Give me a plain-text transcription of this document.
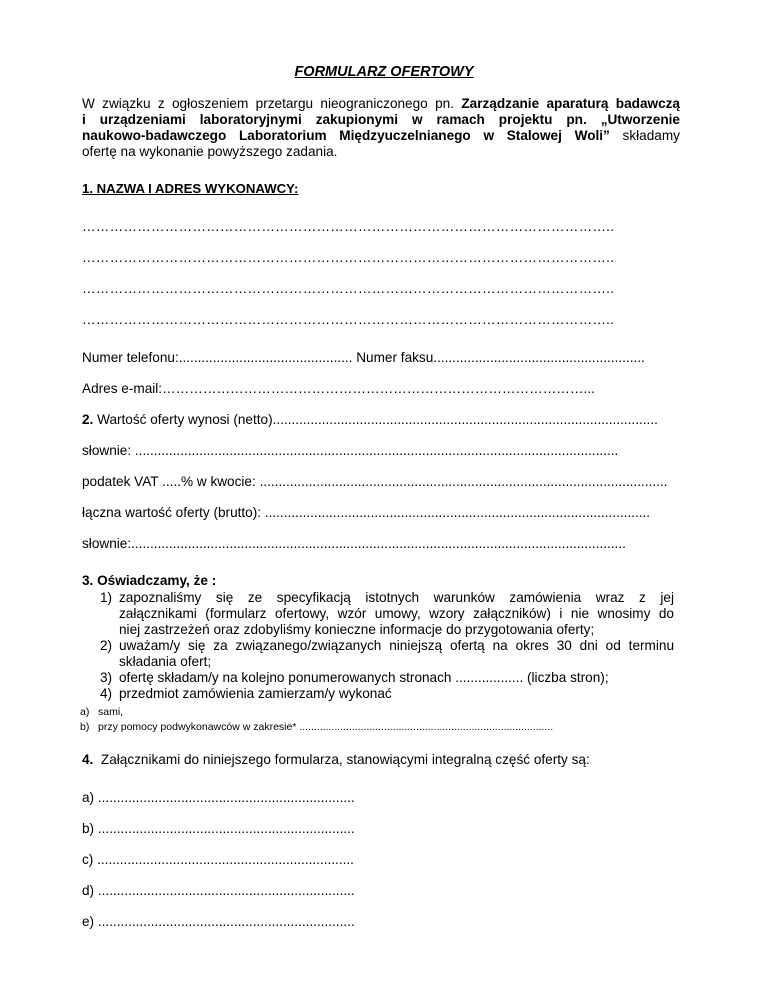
FORMULARZ OFERTOWY
W związku z ogłoszeniem przetargu nieograniczonego pn. Zarządzanie aparaturą badawczą
i urządzeniami laboratoryjnymi zakupionymi w ramach projektu pn. „Utworzenie
naukowo-badawczego Laboratorium Międzyuczelnianego w Stalowej Woli” składamy
ofertę na wykonanie powyższego zadania.
1. NAZWA I ADRES WYKONAWCY:
……………………………………………………………………………………………………..
……………………………………………………………………………………………………..
……………………………………………………………………………………………………..
……………………………………………………………………………………………………..
Numer telefonu:.............................................. Numer faksu........................................................
Adres e-mail:…………………………………………………………………………………...
2. Wartość oferty wynosi (netto)......................................................................................................
słownie: ................................................................................................................................
podatek VAT .....% w kwocie: ............................................................................................................
łączna wartość oferty (brutto): ......................................................................................................
słownie:...................................................................................................................................
3. Oświadczamy, że :
1) zapoznaliśmy się ze specyfikacją istotnych warunków zamówienia wraz z jej
załącznikami (formularz ofertowy, wzór umowy, wzory załączników) i nie wnosimy do
niej zastrzeżeń oraz zdobyliśmy konieczne informacje do przygotowania oferty;
2) uważam/y się za związanego/związanych niniejszą ofertą na okres 30 dni od terminu
składania ofert;
3) ofertę składam/y na kolejno ponumerowanych stronach .................. (liczba stron);
4) przedmiot zamówienia zamierzam/y wykonać
a) sami,
b) przy pomocy podwykonawców w zakresie* .......................................................................................
4.  Załącznikami do niniejszego formularza, stanowiącymi integralną część oferty są:
a) ....................................................................
b) ....................................................................
c) ....................................................................
d) ....................................................................
e) ....................................................................
